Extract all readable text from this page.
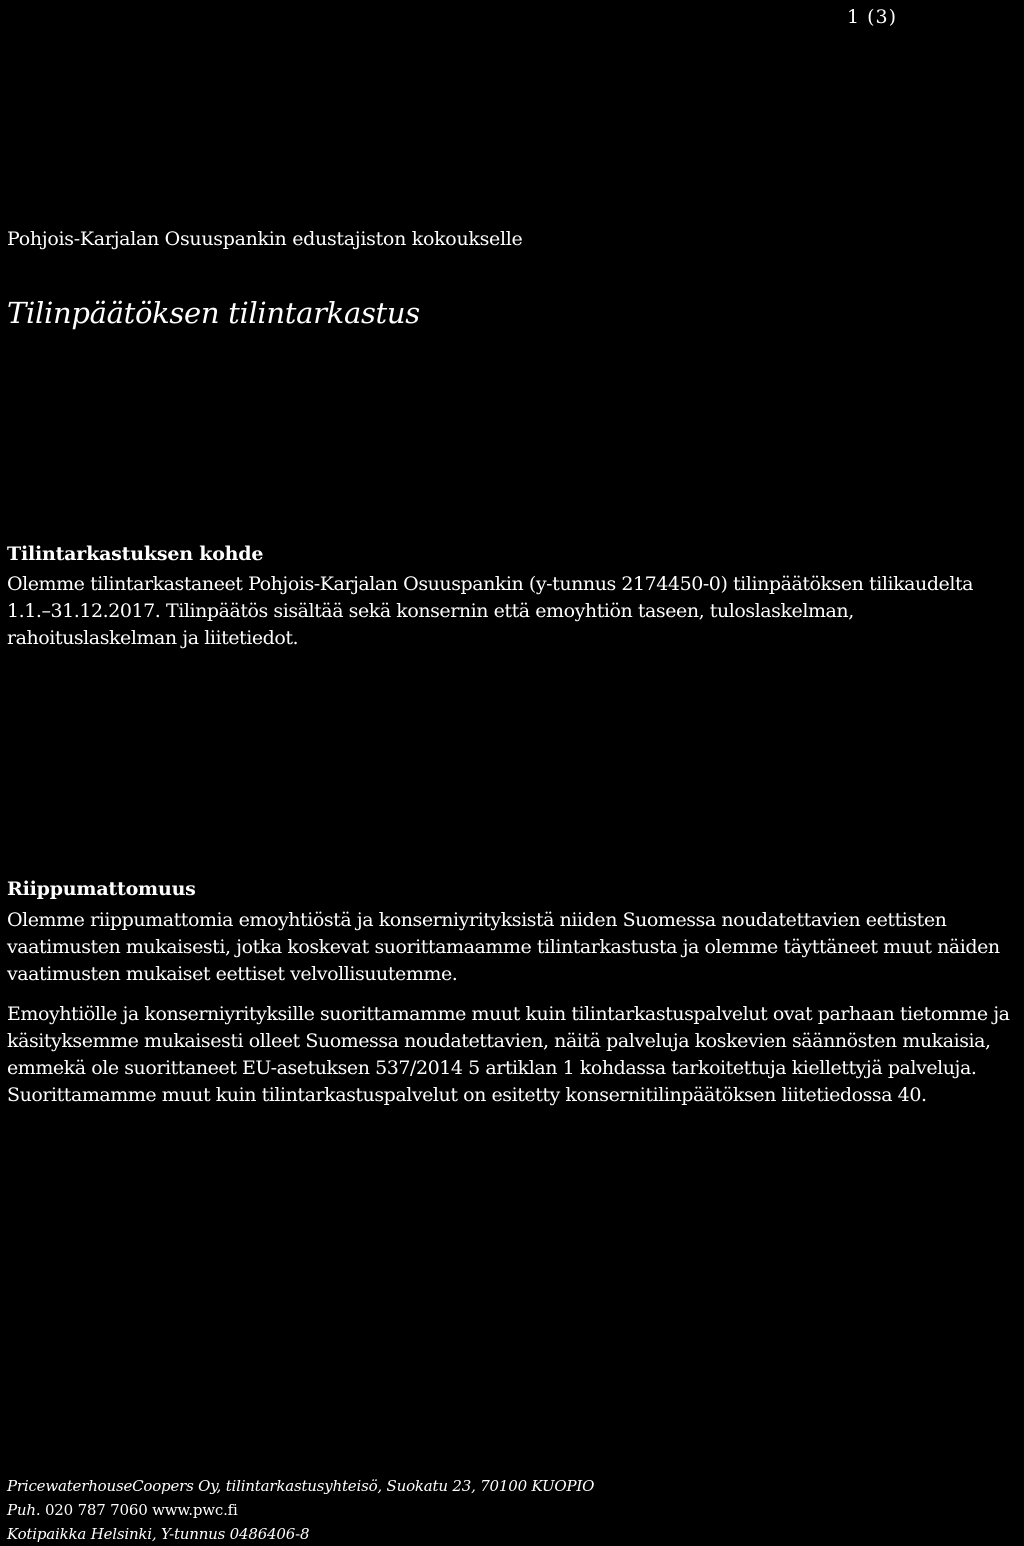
1 (3)
Pohjois-Karjalan Osuuspankin edustajiston kokoukselle
Tilinpäätöksen tilintarkastus
Tilintarkastuksen kohde
Olemme tilintarkastaneet Pohjois-Karjalan Osuuspankin (y-tunnus 2174450-0) tilinpäätöksen tilikaudelta 1.1.–31.12.2017. Tilinpäätös sisältää sekä konsernin että emoyhtiön taseen, tuloslaskelman, rahoituslaskelman ja liitetiedot.
Riippumattomuus
Olemme riippumattomia emoyhtiöstä ja konserniyrityksistä niiden Suomessa noudatettavien eettisten vaatimusten mukaisesti, jotka koskevat suorittamaamme tilintarkastusta ja olemme täyttäneet muut näiden vaatimusten mukaiset eettiset velvollisuutemme.
Emoyhtiölle ja konserniyrityksille suorittamamme muut kuin tilintarkastuspalvelut ovat parhaan tietomme ja käsityksemme mukaisesti olleet Suomessa noudatettavien, näitä palveluja koskevien säännösten mukaisia, emmekä ole suorittaneet EU-asetuksen 537/2014 5 artiklan 1 kohdassa tarkoitettuja kiellettyjä palveluja. Suorittamamme muut kuin tilintarkastuspalvelut on esitetty konsernitilinpäätöksen liitetiedossa 40.
PricewaterhouseCoopers Oy, tilintarkastusyhteisö, Suokatu 23, 70100 KUOPIO
Puh. 020 787 7060 www.pwc.fi
Kotipaikka Helsinki, Y-tunnus 0486406-8
